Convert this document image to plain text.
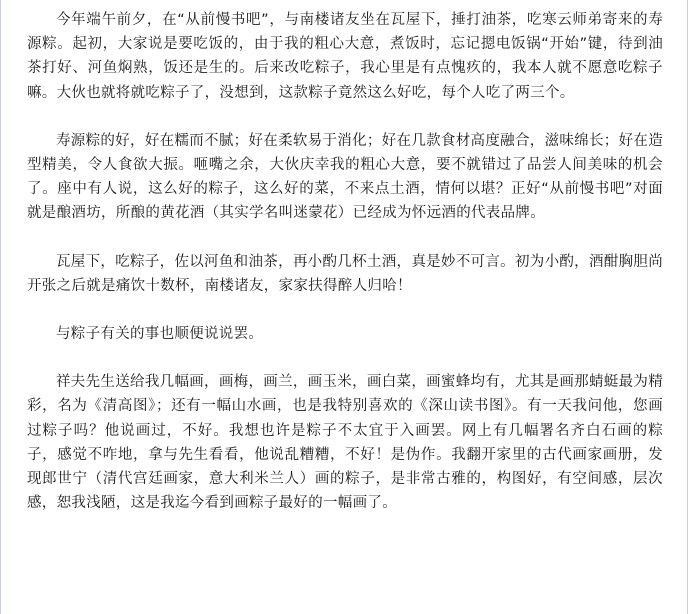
今年端午前夕，在“从前慢书吧”，与南楼诸友坐在瓦屋下，捶打油茶，吃寒云师弟寄来的寿源粽。起初，大家说是要吃饭的，由于我的粗心大意，煮饭时，忘记摁电饭锅“开始”键，待到油茶打好、河鱼焖熟，饭还是生的。后来改吃粽子，我心里是有点愧疚的，我本人就不愿意吃粽子嘛。大伙也就将就吃粽子了，没想到，这款粽子竟然这么好吃，每个人吃了两三个。

寿源粽的好，好在糯而不腻；好在柔软易于消化；好在几款食材高度融合，滋味绵长；好在造型精美，令人食欲大振。咂嘴之余，大伙庆幸我的粗心大意，要不就错过了品尝人间美味的机会了。座中有人说，这么好的粽子，这么好的菜，不来点土酒，情何以堪？正好“从前慢书吧”对面就是酿酒坊，所酿的黄花酒（其实学名叫迷蒙花）已经成为怀远酒的代表品牌。

瓦屋下，吃粽子，佐以河鱼和油茶，再小酌几杯土酒，真是妙不可言。初为小酌，酒酣胸胆尚开张之后就是痛饮十数杯，南楼诸友，家家扶得醉人归哈！

与粽子有关的事也顺便说说罢。

祥夫先生送给我几幅画，画梅，画兰，画玉米，画白菜，画蜜蜂均有，尤其是画那蜻蜓最为精彩，名为《清高图》；还有一幅山水画，也是我特别喜欢的《深山读书图》。有一天我问他，您画过粽子吗？他说画过，不好。我想也许是粽子不太宜于入画罢。网上有几幅署名齐白石画的粽子，感觉不咋地，拿与先生看看，他说乱糟糟，不好！是伪作。我翻开家里的古代画家画册，发现郎世宁（清代宫廷画家，意大利米兰人）画的粽子，是非常古雅的，构图好，有空间感，层次感，恕我浅陋，这是我迄今看到画粽子最好的一幅画了。
